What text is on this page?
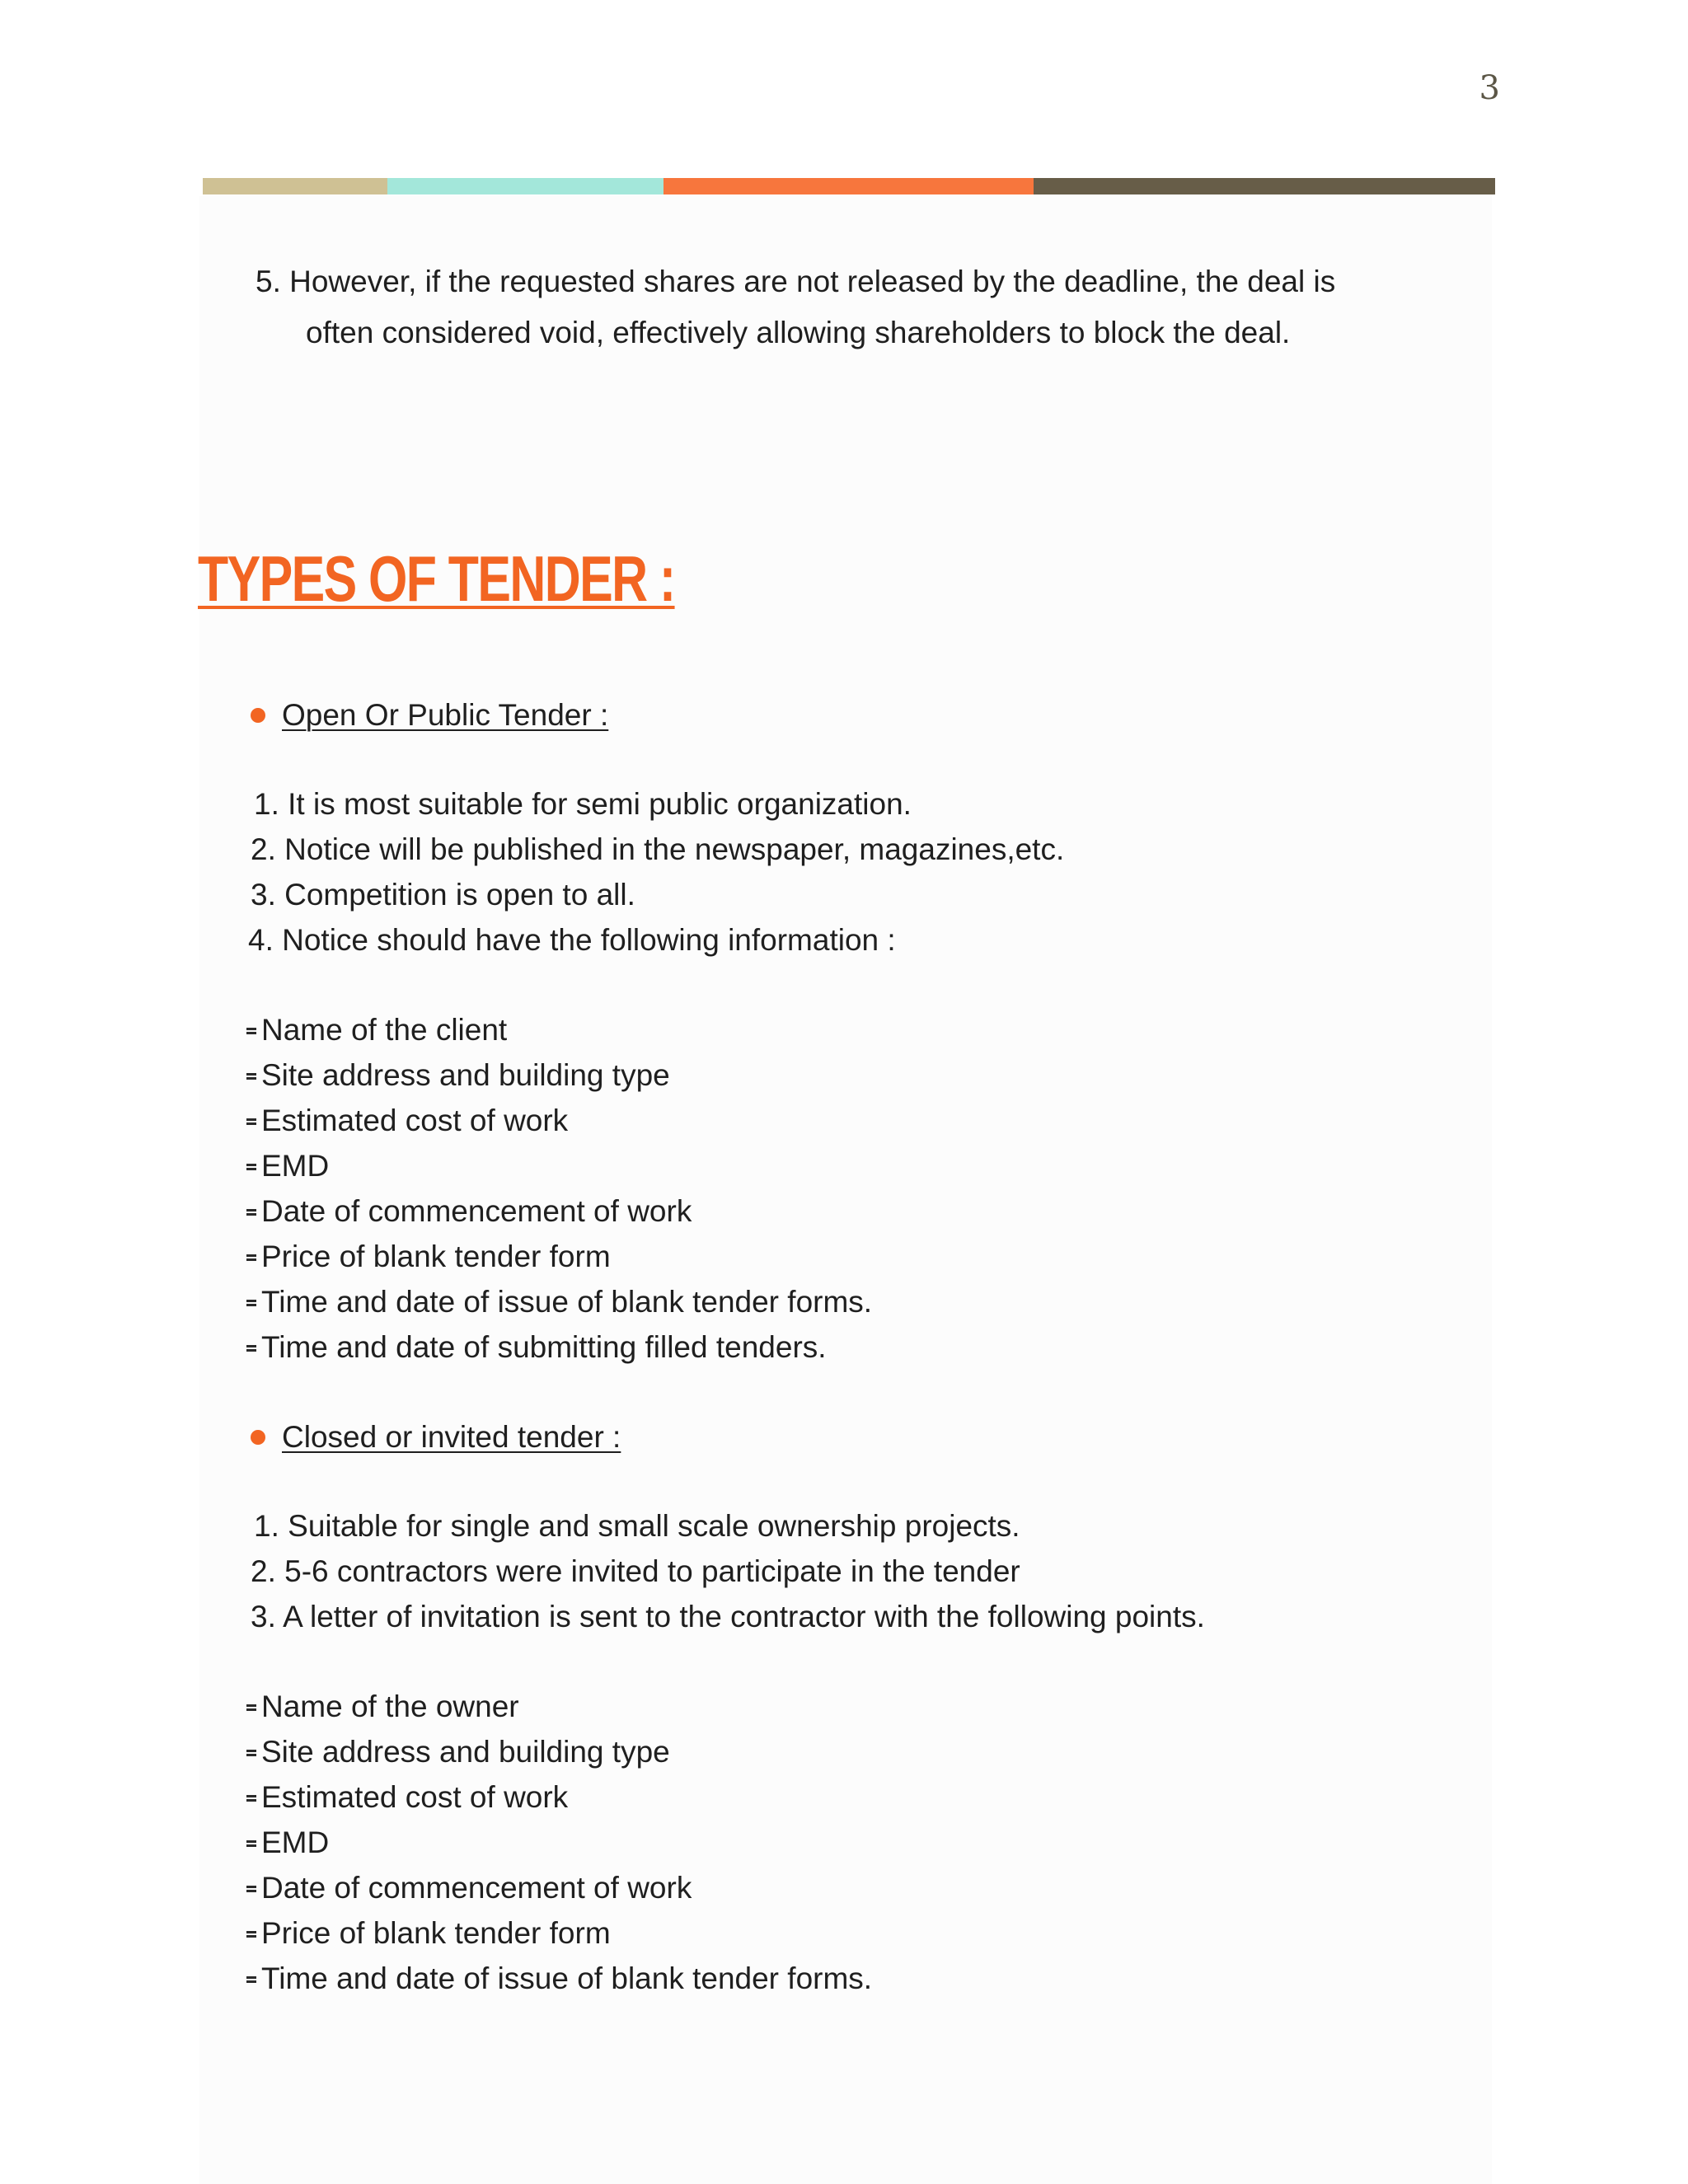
3

5. However, if the requested shares are not released by the deadline, the deal is

often considered void, effectively allowing shareholders to block the deal.

TYPES OF TENDER :
Open Or Public Tender :

1. It is most suitable for semi public organization.

2. Notice will be published in the newspaper, magazines,etc.

3. Competition is open to all.

4. Notice should have the following information :

Name of the client
Site address and building type
Estimated cost of work
EMD
Date of commencement of work
Price of blank tender form
Time and date of issue of blank tender forms.
Time and date of submitting filled tenders.
Closed or invited tender :

1. Suitable for single and small scale ownership projects.

2. 5-6 contractors were invited to participate in the tender

3. A letter of invitation is sent to the contractor with the following points.

Name of the owner
Site address and building type
Estimated cost of work
EMD
Date of commencement of work
Price of blank tender form
Time and date of issue of blank tender forms.
